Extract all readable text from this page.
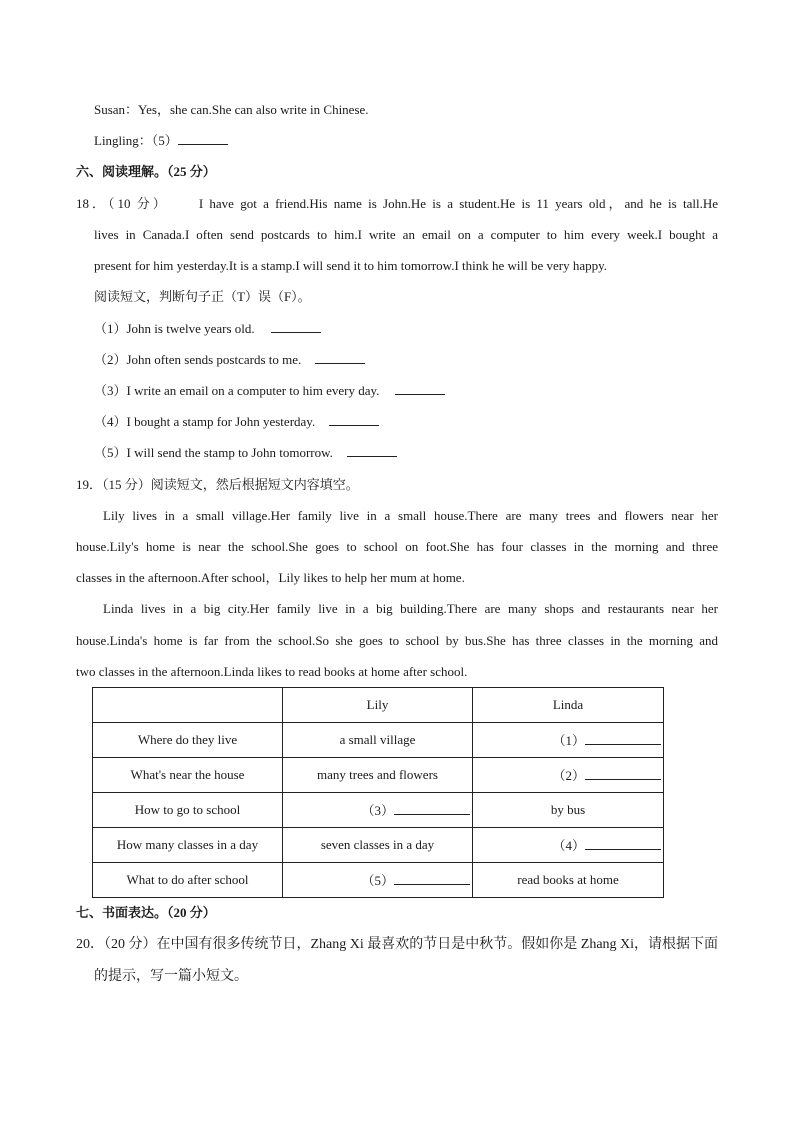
Susan：Yes，she can.She can also write in Chinese.
Lingling：（5）
六、阅读理解。（25 分）
18．（10 分） I have got a friend.His name is John.He is a student.He is 11 years old，and he is tall.He
lives in Canada.I often send postcards to him.I write an email on a computer to him every week.I bought a
present for him yesterday.It is a stamp.I will send it to him tomorrow.I think he will be very happy.
阅读短文，判断句子正（T）误（F）。
（1）John is twelve years old.
（2）John often sends postcards to me.
（3）I write an email on a computer to him every day.
（4）I bought a stamp for John yesterday.
（5）I will send the stamp to John tomorrow.
19．（15 分）阅读短文，然后根据短文内容填空。
Lily lives in a small village.Her family live in a small house.There are many trees and flowers near her
house.Lily's home is near the school.She goes to school on foot.She has four classes in the morning and three
classes in the afternoon.After school，Lily likes to help her mum at home.
Linda lives in a big city.Her family live in a big building.There are many shops and restaurants near her
house.Linda's home is far from the school.So she goes to school by bus.She has three classes in the morning and
two classes in the afternoon.Linda likes to read books at home after school.
	Lily	Linda
Where do they live	a small village	（1）
What's near the house	many trees and flowers	（2）
How to go to school	（3）	by bus
How many classes in a day	seven classes in a day	（4）
What to do after school	（5）	read books at home
七、书面表达。（20 分）
20．（20 分）在中国有很多传统节日，Zhang Xi 最喜欢的节日是中秋节。假如你是 Zhang Xi，请根据下面
的提示，写一篇小短文。
